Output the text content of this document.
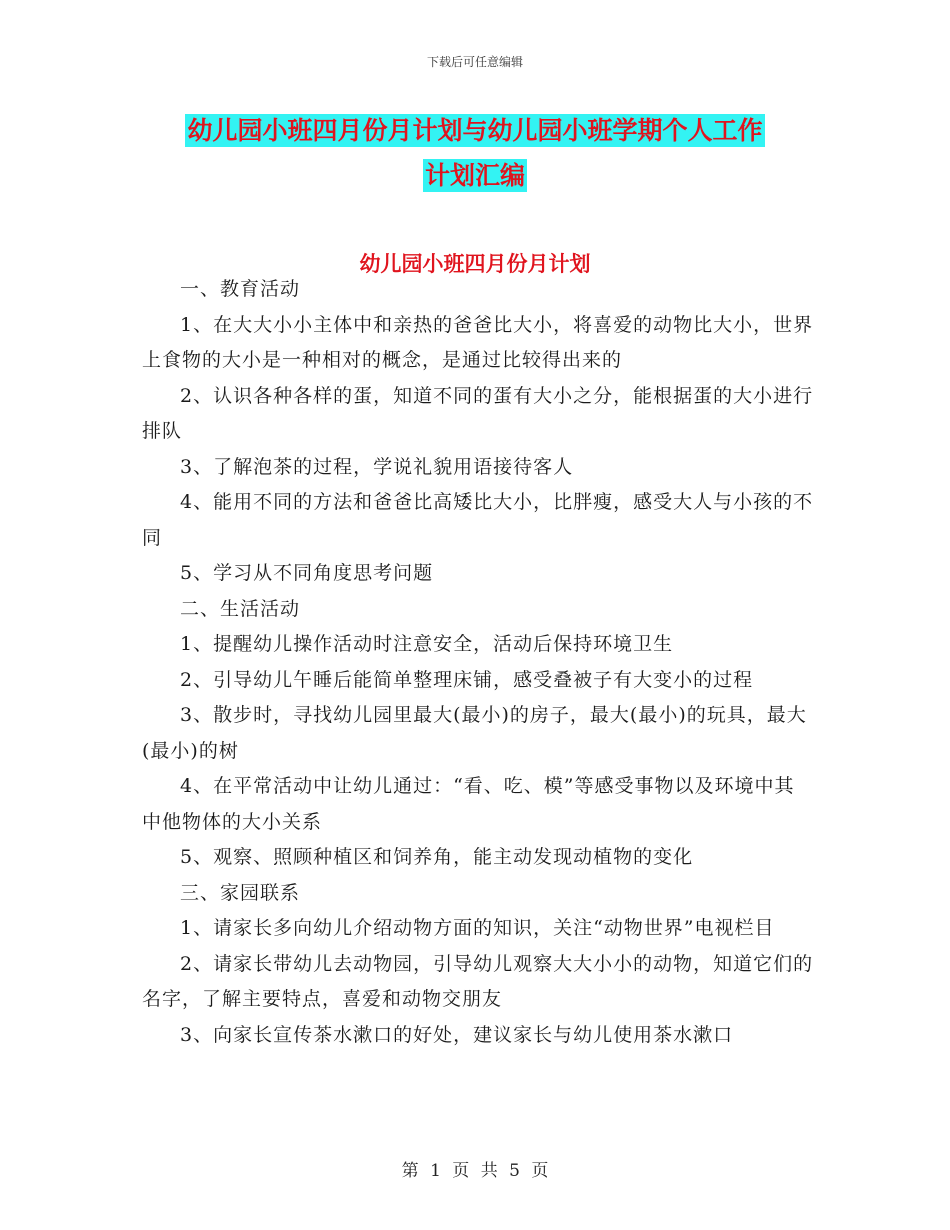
下载后可任意编辑
幼儿园小班四月份月计划与幼儿园小班学期个人工作
计划汇编
幼儿园小班四月份月计划

一、教育活动

1、在大大小小主体中和亲热的爸爸比大小，将喜爱的动物比大小，世界上食物的大小是一种相对的概念，是通过比较得出来的

2、认识各种各样的蛋，知道不同的蛋有大小之分，能根据蛋的大小进行排队

3、了解泡茶的过程，学说礼貌用语接待客人

4、能用不同的方法和爸爸比高矮比大小，比胖瘦，感受大人与小孩的不同

5、学习从不同角度思考问题

二、生活活动

1、提醒幼儿操作活动时注意安全，活动后保持环境卫生

2、引导幼儿午睡后能简单整理床铺，感受叠被子有大变小的过程

3、散步时，寻找幼儿园里最大(最小)的房子，最大(最小)的玩具，最大(最小)的树

4、在平常活动中让幼儿通过：“看、吃、模”等感受事物以及环境中其中他物体的大小关系

5、观察、照顾种植区和饲养角，能主动发现动植物的变化

三、家园联系

1、请家长多向幼儿介绍动物方面的知识，关注“动物世界”电视栏目

2、请家长带幼儿去动物园，引导幼儿观察大大小小的动物，知道它们的名字，了解主要特点，喜爱和动物交朋友

3、向家长宣传茶水漱口的好处，建议家长与幼儿使用茶水漱口

第 1 页 共 5 页
